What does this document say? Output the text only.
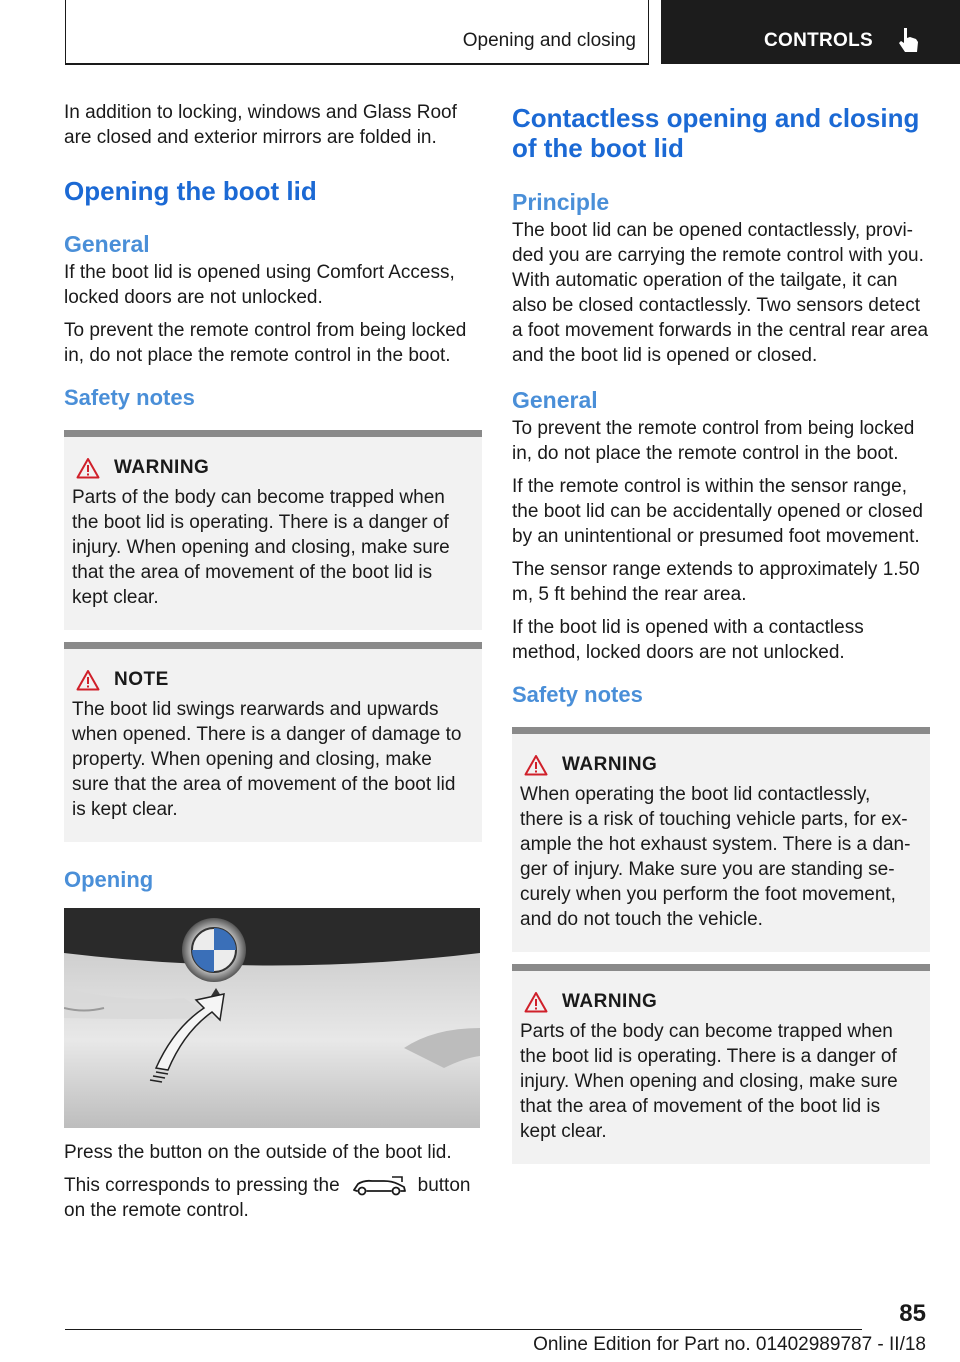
Opening and closing	CONTROLS

In addition to locking, windows and Glass Roof are closed and exterior mirrors are folded in.

Opening the boot lid
General

If the boot lid is opened using Comfort Access, locked doors are not unlocked.

To prevent the remote control from being locked in, do not place the remote control in the boot.

Safety notes
WARNING

Parts of the body can become trapped when the boot lid is operating. There is a danger of injury. When opening and closing, make sure that the area of movement of the boot lid is kept clear.

NOTE

The boot lid swings rearwards and upwards when opened. There is a danger of damage to property. When opening and closing, make sure that the area of movement of the boot lid is kept clear.

Opening

Press the button on the outside of the boot lid.

This corresponds to pressing the	button
on the remote control.

Contactless opening and closing of the boot lid
Principle

The boot lid can be opened contactlessly, provided you are carrying the remote control with you. With automatic operation of the tailgate, it can also be closed contactlessly. Two sensors detect a foot movement forwards in the central rear area and the boot lid is opened or closed.

General

To prevent the remote control from being locked in, do not place the remote control in the boot.

If the remote control is within the sensor range, the boot lid can be accidentally opened or closed by an unintentional or presumed foot movement.

The sensor range extends to approximately 1.50 m, 5 ft behind the rear area.

If the boot lid is opened with a contactless method, locked doors are not unlocked.

Safety notes
WARNING

When operating the boot lid contactlessly, there is a risk of touching vehicle parts, for example the hot exhaust system. There is a danger of injury. Make sure you are standing securely when you perform the foot movement, and do not touch the vehicle.

WARNING

Parts of the body can become trapped when the boot lid is operating. There is a danger of injury. When opening and closing, make sure that the area of movement of the boot lid is kept clear.

85
Online Edition for Part no. 01402989787 - II/18
